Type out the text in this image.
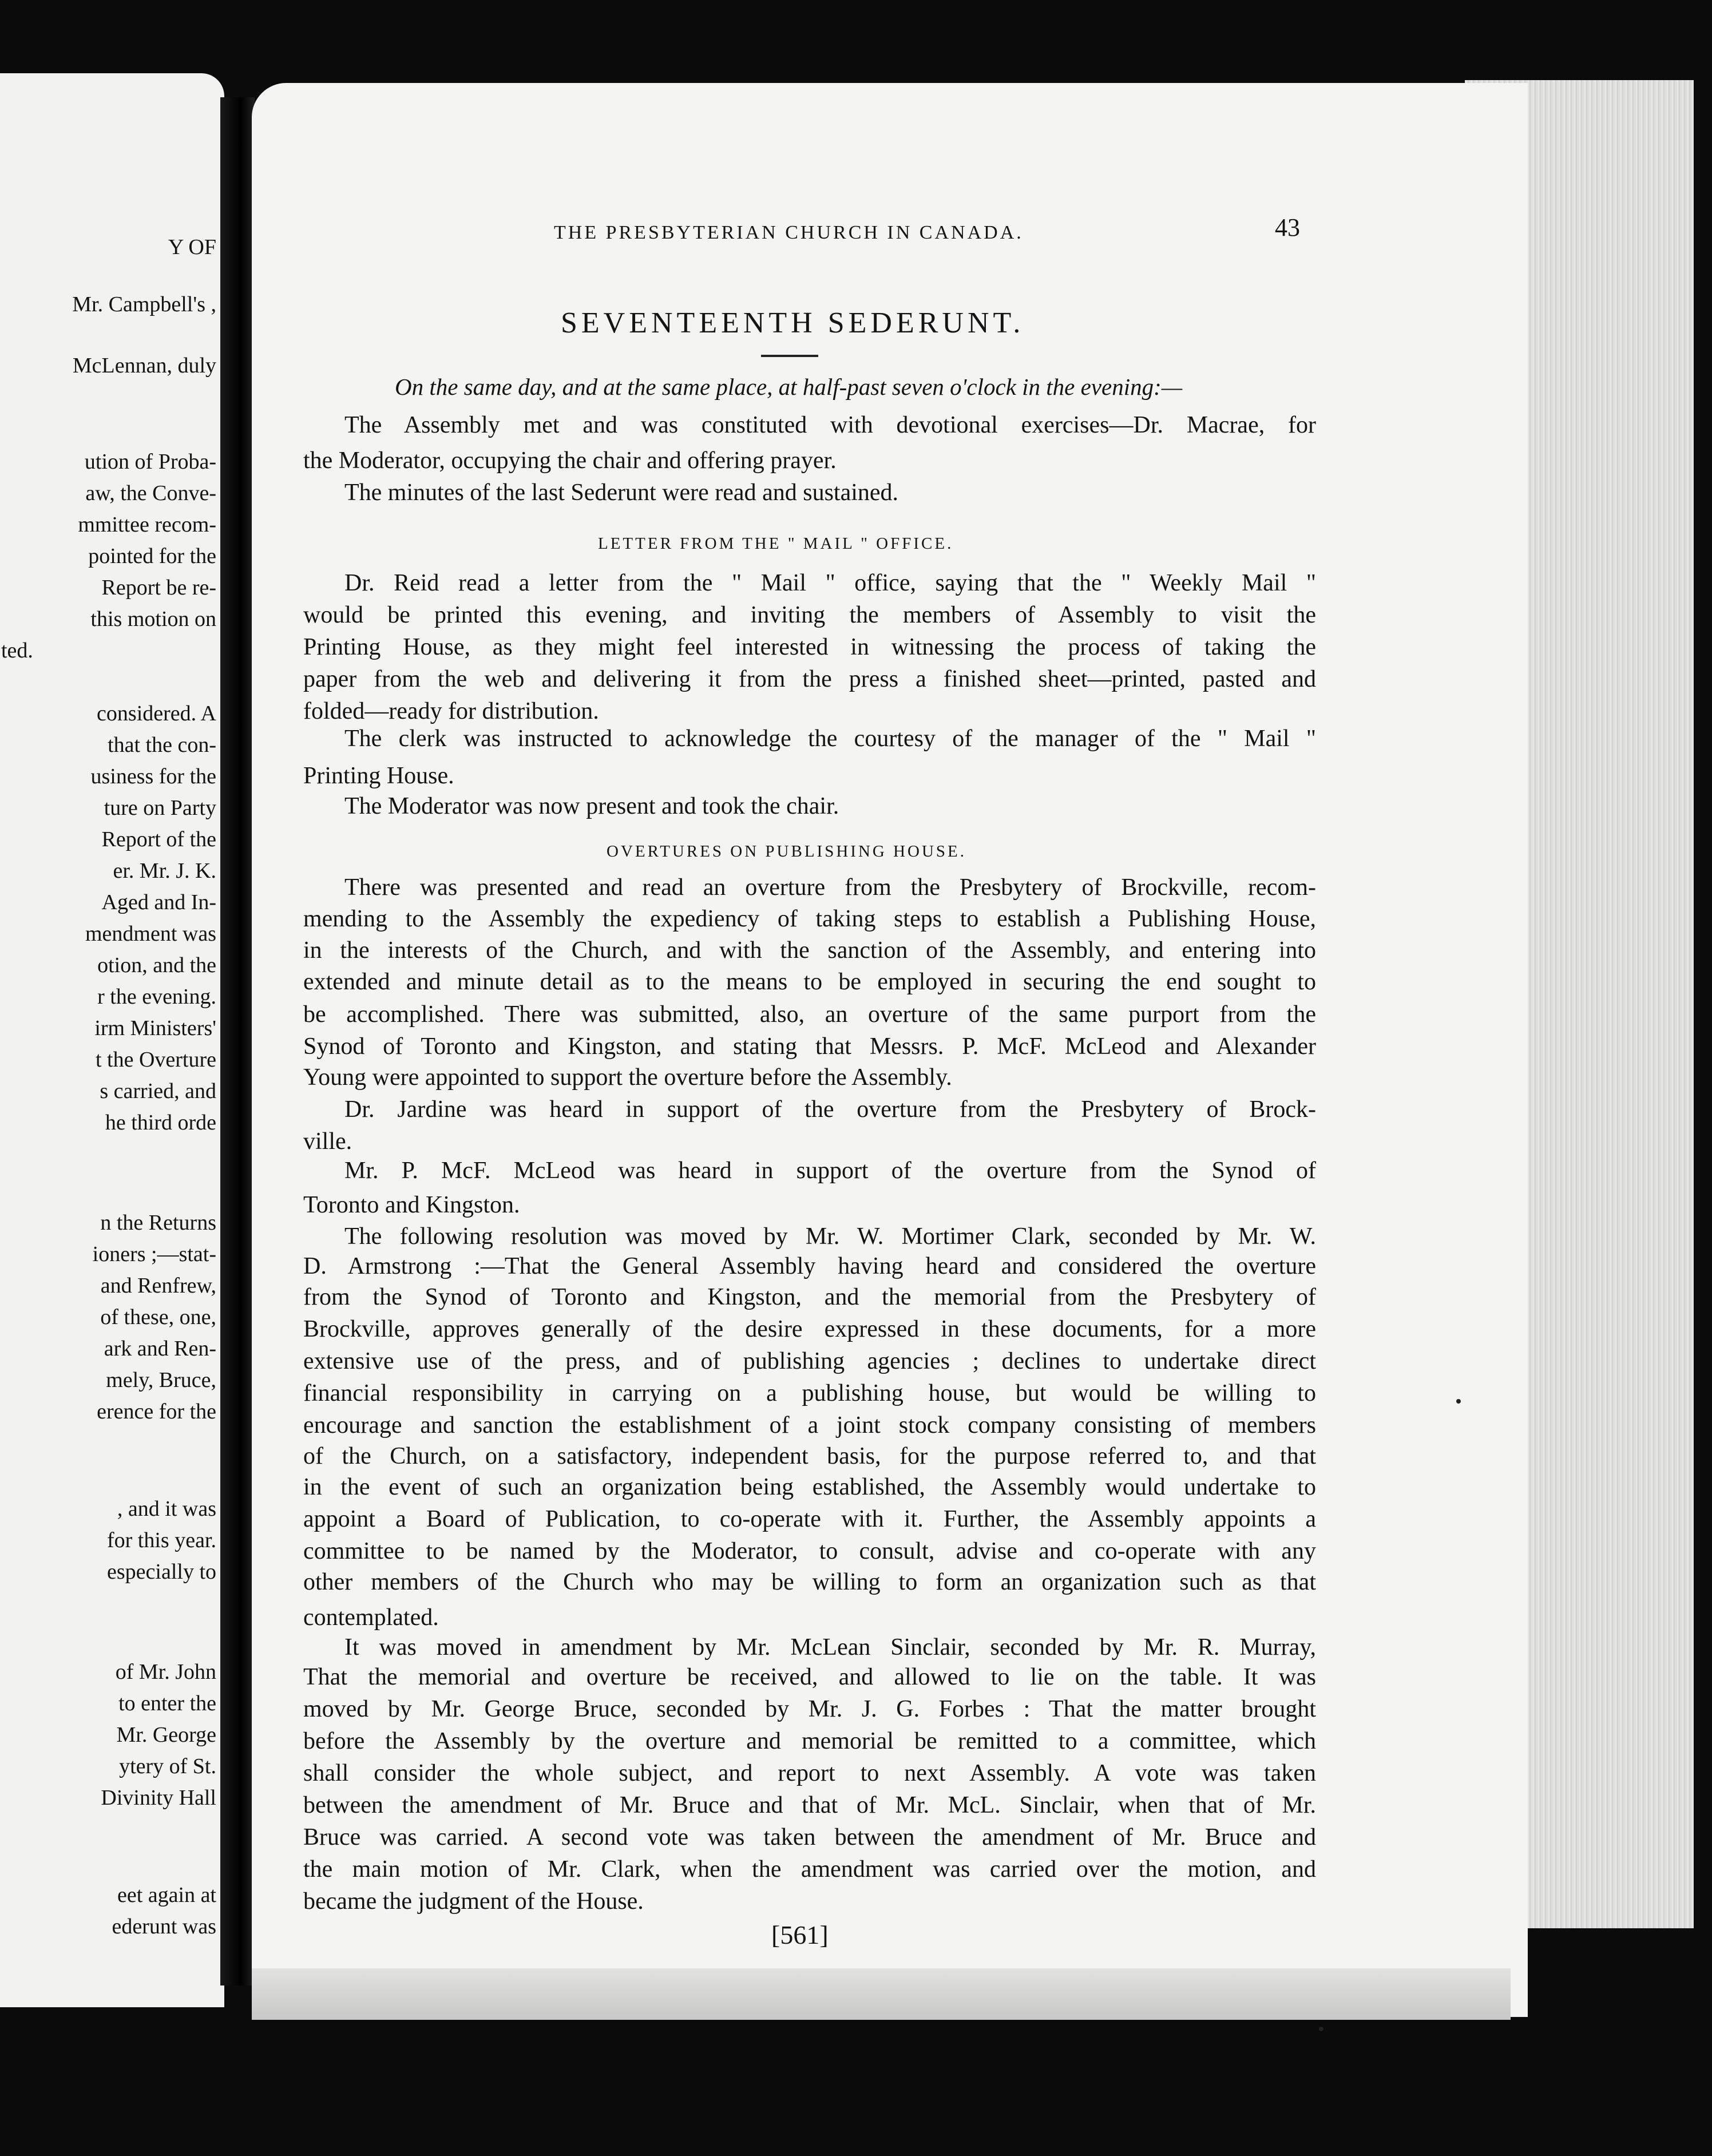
Y OF
Mr. Campbell's ,
McLennan, duly
ution of Proba-
aw, the Conve-
mmittee recom-
pointed for the
Report be re-
this motion on
ted.
considered. A
that the con-
usiness for the
ture on Party
Report of the
er. Mr. J. K.
Aged and In-
mendment was
otion, and the
r the evening.
irm Ministers'
t the Overture
s carried, and
he third orde
n the Returns
ioners ;—stat-
and Renfrew,
of these, one,
ark and Ren-
mely, Bruce,
erence for the
, and it was
for this year.
especially to
of Mr. John
to enter the
Mr. George
ytery of St.
Divinity Hall
eet again at
ederunt was
THE PRESBYTERIAN CHURCH IN CANADA.	43
SEVENTEENTH SEDERUNT.
On the same day, and at the same place, at half-past seven o'clock in the evening:—
LETTER FROM THE " MAIL " OFFICE.
OVERTURES ON PUBLISHING HOUSE.
The Assembly met and was constituted with devotional exercises—Dr. Macrae, for
the Moderator, occupying the chair and offering prayer.
The minutes of the last Sederunt were read and sustained.
Dr. Reid read a letter from the " Mail " office, saying that the " Weekly Mail "
would be printed this evening, and inviting the members of Assembly to visit the
Printing House, as they might feel interested in witnessing the process of taking the
paper from the web and delivering it from the press a finished sheet—printed, pasted and
folded—ready for distribution.
The clerk was instructed to acknowledge the courtesy of the manager of the " Mail "
Printing House.
The Moderator was now present and took the chair.
There was presented and read an overture from the Presbytery of Brockville, recom-
mending to the Assembly the expediency of taking steps to establish a Publishing House,
in the interests of the Church, and with the sanction of the Assembly, and entering into
extended and minute detail as to the means to be employed in securing the end sought to
be accomplished. There was submitted, also, an overture of the same purport from the
Synod of Toronto and Kingston, and stating that Messrs. P. McF. McLeod and Alexander
Young were appointed to support the overture before the Assembly.
Dr. Jardine was heard in support of the overture from the Presbytery of Brock-
ville.
Mr. P. McF. McLeod was heard in support of the overture from the Synod of
Toronto and Kingston.
The following resolution was moved by Mr. W. Mortimer Clark, seconded by Mr. W.
D. Armstrong :—That the General Assembly having heard and considered the overture
from the Synod of Toronto and Kingston, and the memorial from the Presbytery of
Brockville, approves generally of the desire expressed in these documents, for a more
extensive use of the press, and of publishing agencies ; declines to undertake direct
financial responsibility in carrying on a publishing house, but would be willing to
encourage and sanction the establishment of a joint stock company consisting of members
of the Church, on a satisfactory, independent basis, for the purpose referred to, and that
in the event of such an organization being established, the Assembly would undertake to
appoint a Board of Publication, to co-operate with it. Further, the Assembly appoints a
committee to be named by the Moderator, to consult, advise and co-operate with any
other members of the Church who may be willing to form an organization such as that
contemplated.
It was moved in amendment by Mr. McLean Sinclair, seconded by Mr. R. Murray,
That the memorial and overture be received, and allowed to lie on the table. It was
moved by Mr. George Bruce, seconded by Mr. J. G. Forbes : That the matter brought
before the Assembly by the overture and memorial be remitted to a committee, which
shall consider the whole subject, and report to next Assembly. A vote was taken
between the amendment of Mr. Bruce and that of Mr. McL. Sinclair, when that of Mr.
Bruce was carried. A second vote was taken between the amendment of Mr. Bruce and
the main motion of Mr. Clark, when the amendment was carried over the motion, and
became the judgment of the House.
[561]
